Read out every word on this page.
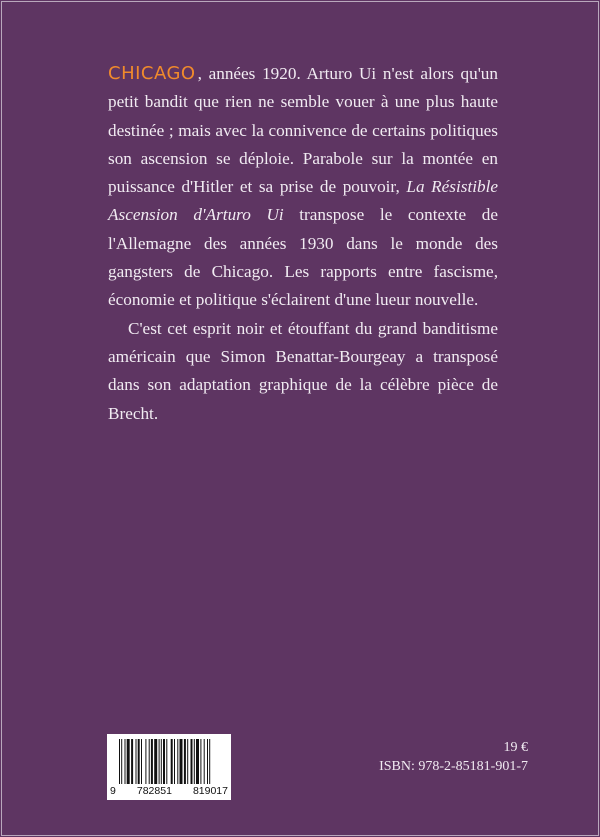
CHICAGO , années 1920. Arturo Ui n'est alors qu'un petit bandit que rien ne semble vouer à une plus haute destinée ; mais avec la connivence de certains politiques son ascension se déploie. Parabole sur la montée en puissance d'Hitler et sa prise de pouvoir, La Résistible Ascension d'Arturo Ui transpose le contexte de l'Allemagne des années 1930 dans le monde des gangsters de Chicago. Les rapports entre fascisme, économie et politique s'éclairent d'une lueur nouvelle.

C'est cet esprit noir et étouffant du grand banditisme américain que Simon Benattar-Bourgeay a transposé dans son adaptation graphique de la célèbre pièce de Brecht.

9 782851 819017
19 €
ISBN: 978-2-85181-901-7
